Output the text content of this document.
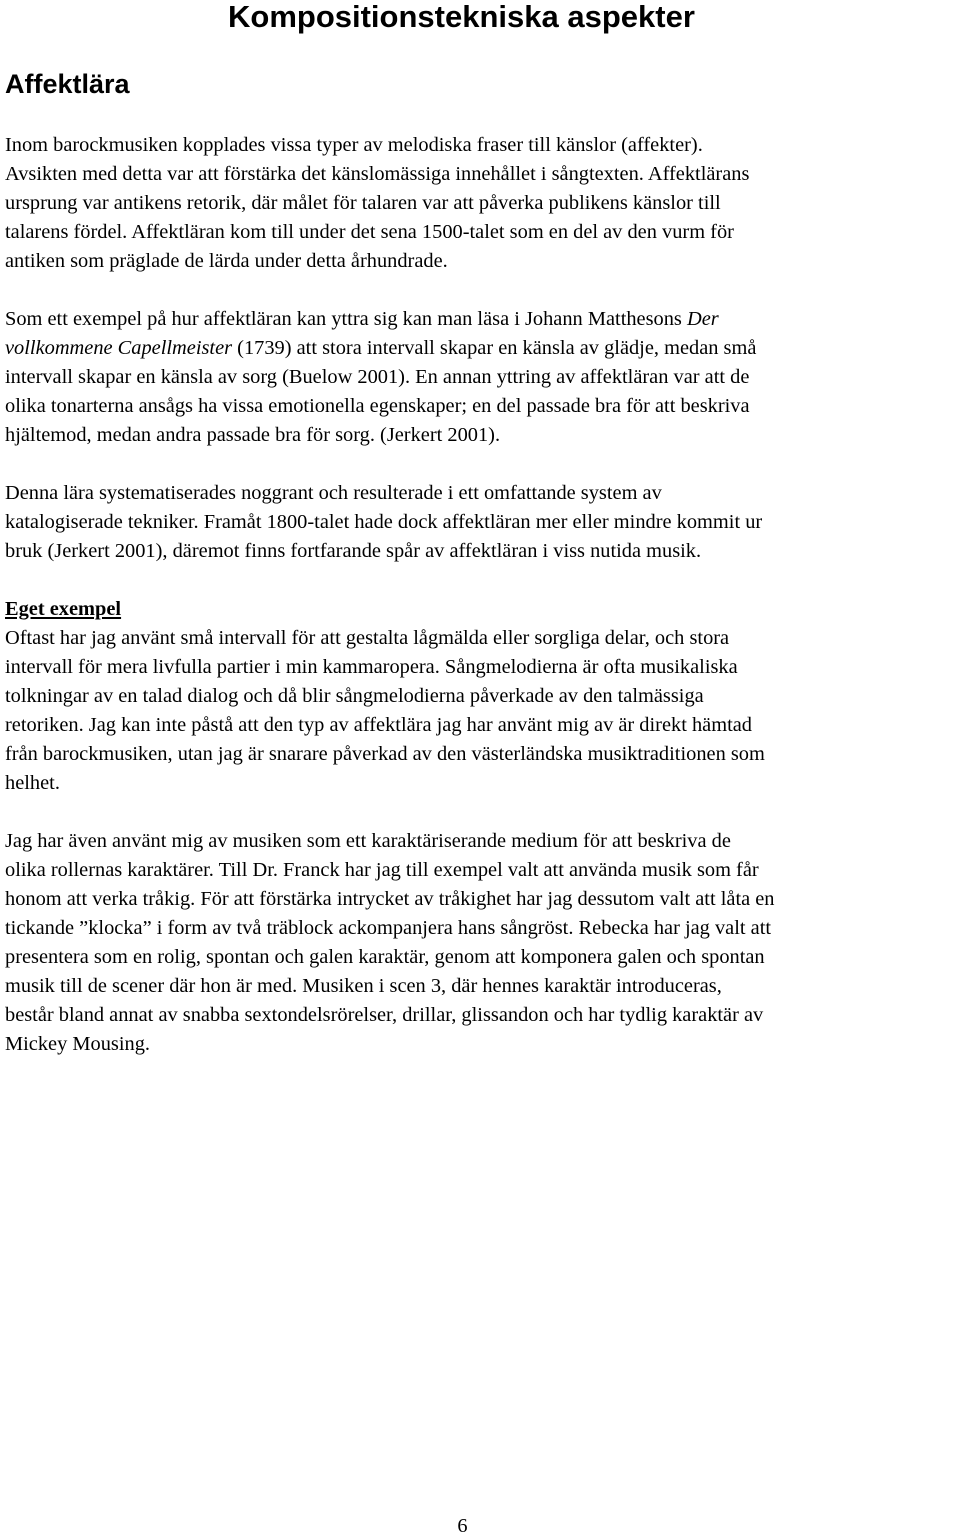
Kompositionstekniska aspekter
Affektlära

Inom barockmusiken kopplades vissa typer av melodiska fraser till känslor (affekter).
Avsikten med detta var att förstärka det känslomässiga innehållet i sångtexten. Affektlärans
ursprung var antikens retorik, där målet för talaren var att påverka publikens känslor till
talarens fördel. Affektläran kom till under det sena 1500-talet som en del av den vurm för
antiken som präglade de lärda under detta århundrade.

Som ett exempel på hur affektläran kan yttra sig kan man läsa i Johann Matthesons Der
vollkommene Capellmeister (1739) att stora intervall skapar en känsla av glädje, medan små
intervall skapar en känsla av sorg (Buelow 2001). En annan yttring av affektläran var att de
olika tonarterna ansågs ha vissa emotionella egenskaper; en del passade bra för att beskriva
hjältemod, medan andra passade bra för sorg. (Jerkert 2001).

Denna lära systematiserades noggrant och resulterade i ett omfattande system av
katalogiserade tekniker. Framåt 1800-talet hade dock affektläran mer eller mindre kommit ur
bruk (Jerkert 2001), däremot finns fortfarande spår av affektläran i viss nutida musik.

Eget exempel
Oftast har jag använt små intervall för att gestalta lågmälda eller sorgliga delar, och stora
intervall för mera livfulla partier i min kammaropera. Sångmelodierna är ofta musikaliska
tolkningar av en talad dialog och då blir sångmelodierna påverkade av den talmässiga
retoriken. Jag kan inte påstå att den typ av affektlära jag har använt mig av är direkt hämtad
från barockmusiken, utan jag är snarare påverkad av den västerländska musiktraditionen som
helhet.

Jag har även använt mig av musiken som ett karaktäriserande medium för att beskriva de
olika rollernas karaktärer. Till Dr. Franck har jag till exempel valt att använda musik som får
honom att verka tråkig. För att förstärka intrycket av tråkighet har jag dessutom valt att låta en
tickande ”klocka” i form av två träblock ackompanjera hans sångröst. Rebecka har jag valt att
presentera som en rolig, spontan och galen karaktär, genom att komponera galen och spontan
musik till de scener där hon är med. Musiken i scen 3, där hennes karaktär introduceras,
består bland annat av snabba sextondelsrörelser, drillar, glissandon och har tydlig karaktär av
Mickey Mousing.

6
